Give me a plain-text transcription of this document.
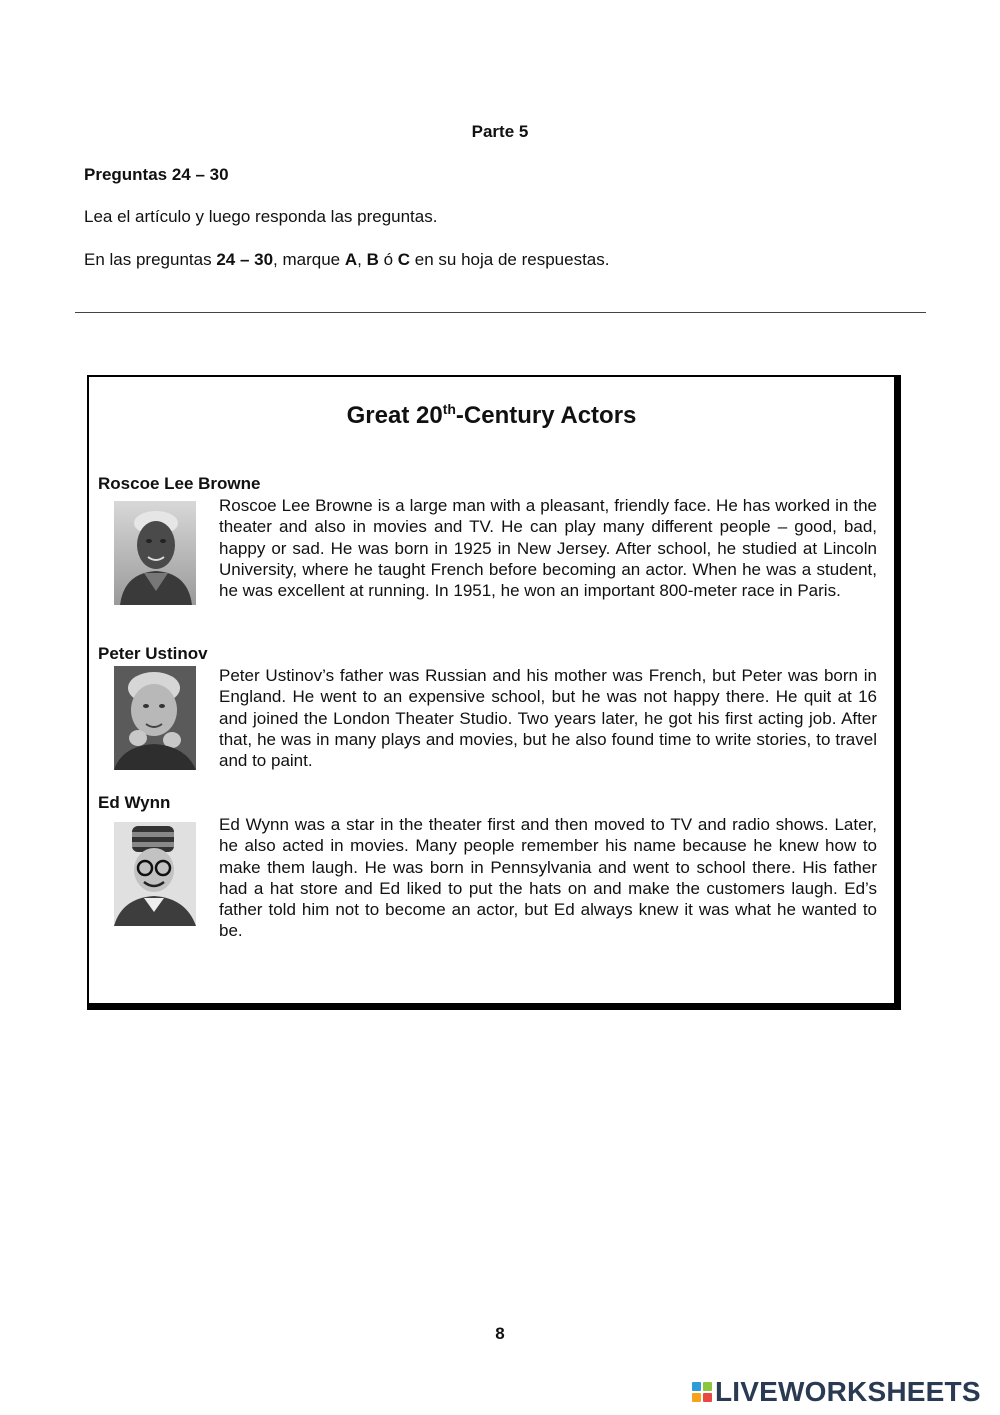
Parte 5
Preguntas 24 – 30
Lea el artículo y luego responda las preguntas.
En las preguntas 24 – 30, marque A, B ó C en su hoja de respuestas.
Great 20th-Century Actors
Roscoe Lee Browne
Roscoe Lee Browne is a large man with a pleasant, friendly face. He has worked in the theater and also in movies and TV. He can play many different people – good, bad, happy or sad. He was born in 1925 in New Jersey. After school, he studied at Lincoln University, where he taught French before becoming an actor. When he was a student, he was excellent at running. In 1951, he won an important 800-meter race in Paris.
Peter Ustinov
Peter Ustinov’s father was Russian and his mother was French, but Peter was born in England. He went to an expensive school, but he was not happy there. He quit at 16 and joined the London Theater Studio. Two years later, he got his first acting job. After that, he was in many plays and movies, but he also found time to write stories, to travel and to paint.
Ed Wynn
Ed Wynn was a star in the theater first and then moved to TV and radio shows. Later, he also acted in movies. Many people remember his name because he knew how to make them laugh. He was born in Pennsylvania and went to school there. His father had a hat store and Ed liked to put the hats on and make the customers laugh. Ed’s father told him not to become an actor, but Ed always knew it was what he wanted to be.
8
LIVEWORKSHEETS
